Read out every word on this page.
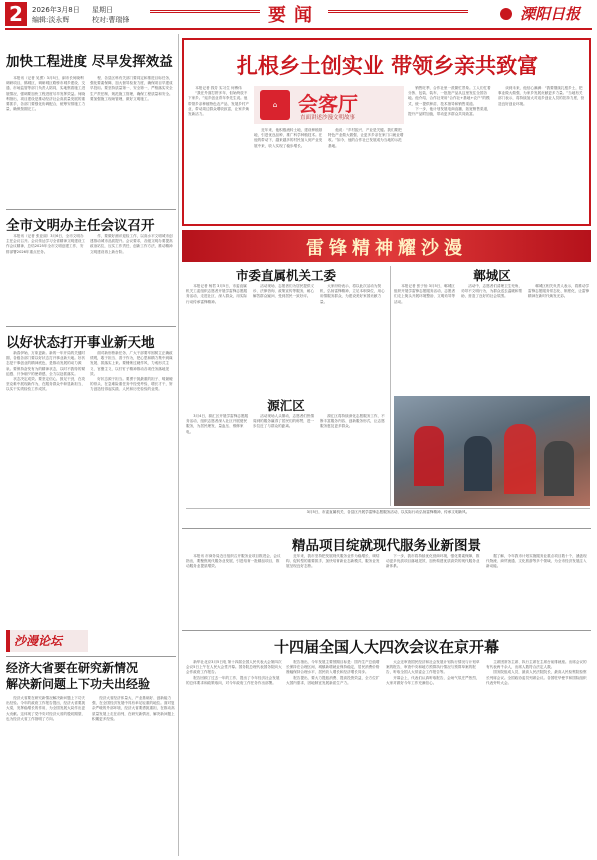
2	2026年3月8日 星期日
编辑:淡永辉	校对:曹瑞锋	要闻	溧阳日报
加快工程进度 尽早发挥效益

本报讯（记者 吴勇）3月5日，副市长何晓利调研项目，鹤城区，调研城区路桥市城乡建设、交通、市场监管等部门负责人陪同，实地察看施工进展情况，强调要加快工程进度尽早发挥效益。何晓利指出，项目建设是推动经济社会高质量发展的重要抓手，各部门要强化协调配合，统筹安排施工力量，确保按期完工。

程、各县区科有关部门要同定和推进目标任务，强化要素保障，加大督导检查力度，确保项目早建成早投用。要坚持质量第一、安全第一，严格落实安全生产责任制，规范施工管理，确保工程质量和安全。要加强施工现场管理，做好文明施工。

全市文明办主任会议召开

本报讯（记者 张亚丽）3月6日，全市文明办主任会议召开。会议传达学习全省精神文明建设工作会议精神，总结2025年全市文明创建工作，安排部署2026年重点任务。

作，要做好测评迎检工作，以高水平文明城市创建推动城市品质提升。会议要求，各级文明办要提高政治站位，压实工作责任，创新工作方法，推动精神文明建设再上新台阶。

以好状态打开事业新天地

新春伊始，万象更新。新的一年开局的关键时期，各级各部门要以好状态打开事业新天地。好状态是干事创业的精神底色，是推动发展的动力源泉。要保持奋发有为的精神状态，以时不我待的紧迫感、只争朝夕的使命感，全力以赴抓落实。

状态决定成效。要坚定信心，鼓足干劲，在攻坚克难中展现新作为，在服务群众中彰显新担当，以实干实绩检验工作成效。

面对新形势新任务，广大干部要牢固树立正确政绩观，敢于担当、善于作为，把心思和精力集中到谋发展、抓落实上来。要锤炼过硬作风，力戒形式主义、官僚主义，以钉钉子精神推动各项任务落地见效。

好状态源于担当。要勇于挑最重的担子、啃最硬的骨头，在急难险重任务中经受考验、增长才干，努力创造经得起实践、人民和历史检验的业绩。

沙漫论坛
经济大省要在研究新情况
解决新问题上下功夫出经验

经济大省要在研究新情况解决新问题上下功夫出经验。今年的政府工作报告提出，经济大省要挑大梁，发挥稳增长的作用，为全国发展大局作出更大贡献。这体现了党中央对经济大省的殷切期望，也为经济大省工作指明了方向。

经济大省经济体量大、产业基础好、创新能力强，在全国经济发展中具有举足轻重的地位。面对复杂严峻的外部环境，经济大省要勇挑重担，在推动高质量发展上走在前列，在研究新情况、解决新问题上积累更多经验。

扎根乡土创实业 带领乡亲共致富

本报记者 钱芳 实习生 何博伟

“我在外面打拼多年，但始终放不下家乡。”返乡创业青年李先生说。他带领乡亲种植特色农产品，发展乡村产业，带动周边群众增收致富，让家乡焕发新活力。

⌂	会客厅
直面讲述沙漫文明故事

近年来，他积极流转土地，建设种植基地，引进优良品种，推广科学种植技术。在他的带动下，越来越多的村民加入到产业发展中来，收入实现了稳步增长。

他说：“乡村振兴，产业是关键。我们要把特色产业做大做强，让更多乡亲在家门口就业增收。”如今，他的合作社已发展成为当地的示范基地。

销售旺季，合作社里一派繁忙景象。工人们忙着分拣、包装、装车，一批批产品从这里发往全国各地。他介绍，合作社采用“合作社+基地+农户”的模式，统一提供种苗、技术指导和销售渠道。

下一步，他计划发展电商直播，拓宽销售渠道，提升产品附加值，带动更多群众共同致富。

谈到未来，他信心满满：“我要继续扎根乡土，把事业做大做强，为家乡发展贡献更多力量。”当地有关部门表示，将持续加大对返乡创业人员的扶持力度，营造良好创业环境。

雷锋精神耀沙漫
市委直属机关工委

本报记者 杨君 3月5日，市委直属机关工委组织志愿者开展学雷锋志愿服务活动，走进社区、深入群众，用实际行动传承雷锋精神。

活动现场，志愿者们为居民提供义诊、法律咨询、政策宣传等服务，耐心解答群众疑问，受到居民一致好评。

大家纷纷表示，将以此次活动为契机，弘扬雷锋精神，立足本职岗位，用心用情服务群众，为建设美好家园贡献力量。

鄣城区

本报记者 张子怡 3月5日，鄣城区组织开展学雷锋志愿服务活动，志愿者们走上街头开展环境整治、文明劝导等活动。

活动中，志愿者们清理卫生死角，劝导不文明行为，为群众送去温暖和帮助，营造了良好的社会氛围。

鄣城区相关负责人表示，将推动学雷锋志愿服务常态化、制度化，让雷锋精神在新时代焕发光彩。

源汇区

3月4日，源汇区开展学雷锋志愿服务活动，组织志愿者深入社区开展便民服务，为居民理发、量血压、维修家电。

活动现场人头攒动，志愿者们热情周到的服务赢得了居民们的称赞，进一步拉近了与群众的距离。

源汇区将持续深化志愿服务工作，不断丰富服务内容、创新服务形式，让志愿服务惠及更多群众。

3月5日，市委直属机关、各县区开展学雷锋志愿服务活动，以实际行动弘扬雷锋精神，传承文明新风。

精品项目绽就现代服务业新图景

本报讯 市商务局近日组织召开服务业项目推进会，会议指出，要聚焦现代服务业发展，引进培育一批精品项目，推动服务业提质增效。

近年来，我市坚持把发展现代服务业作为稳增长、调结构、促转型的重要抓手，加快培育新业态新模式，服务业发展呈现良好态势。

下一步，我市将持续优化营商环境，强化要素保障，推动更多优质项目落地见效，加快构建优质高效的现代服务业新体系。

据了解，今年我市计划实施服务业重点项目数十个，涵盖现代物流、商贸流通、文化旅游等多个领域，为全市经济发展注入新动能。

十四届全国人大四次会议在京开幕

新华社北京3月5日电 第十四届全国人民代表大会第四次会议5日上午在人民大会堂开幕。国务院总理代表国务院向大会作政府工作报告。

报告回顾了过去一年的工作，提出了今年经济社会发展的总体要求和政策取向，对今年政府工作任务作出部署。

报告指出，今年发展主要预期目标是：国内生产总值增长保持在合理区间，城镇新增就业保持稳定，居民消费价格涨幅保持合理水平，居民收入增长和经济增长同步。

报告提出，要大力提振消费、提高投资效益，全方位扩大国内需求，因地制宜发展新质生产力。

大会还审查国民经济和社会发展计划执行情况与计划草案的报告，审查中央和地方预算执行情况与预算草案的报告，听取全国人大常委会工作报告等。

开幕会上，代表们认真听取报告，会场气氛庄严热烈，大家对做好今年工作充满信心。

主席团常务主席、执行主席在主席台前排就座。出席会议的有代表两千余人，出席人数符合法定人数。

国务院组成人员，最高人民法院院长，最高人民检察院检察长列席会议。全国政协委员列席会议。各国驻华使节和国际组织代表旁听大会。
